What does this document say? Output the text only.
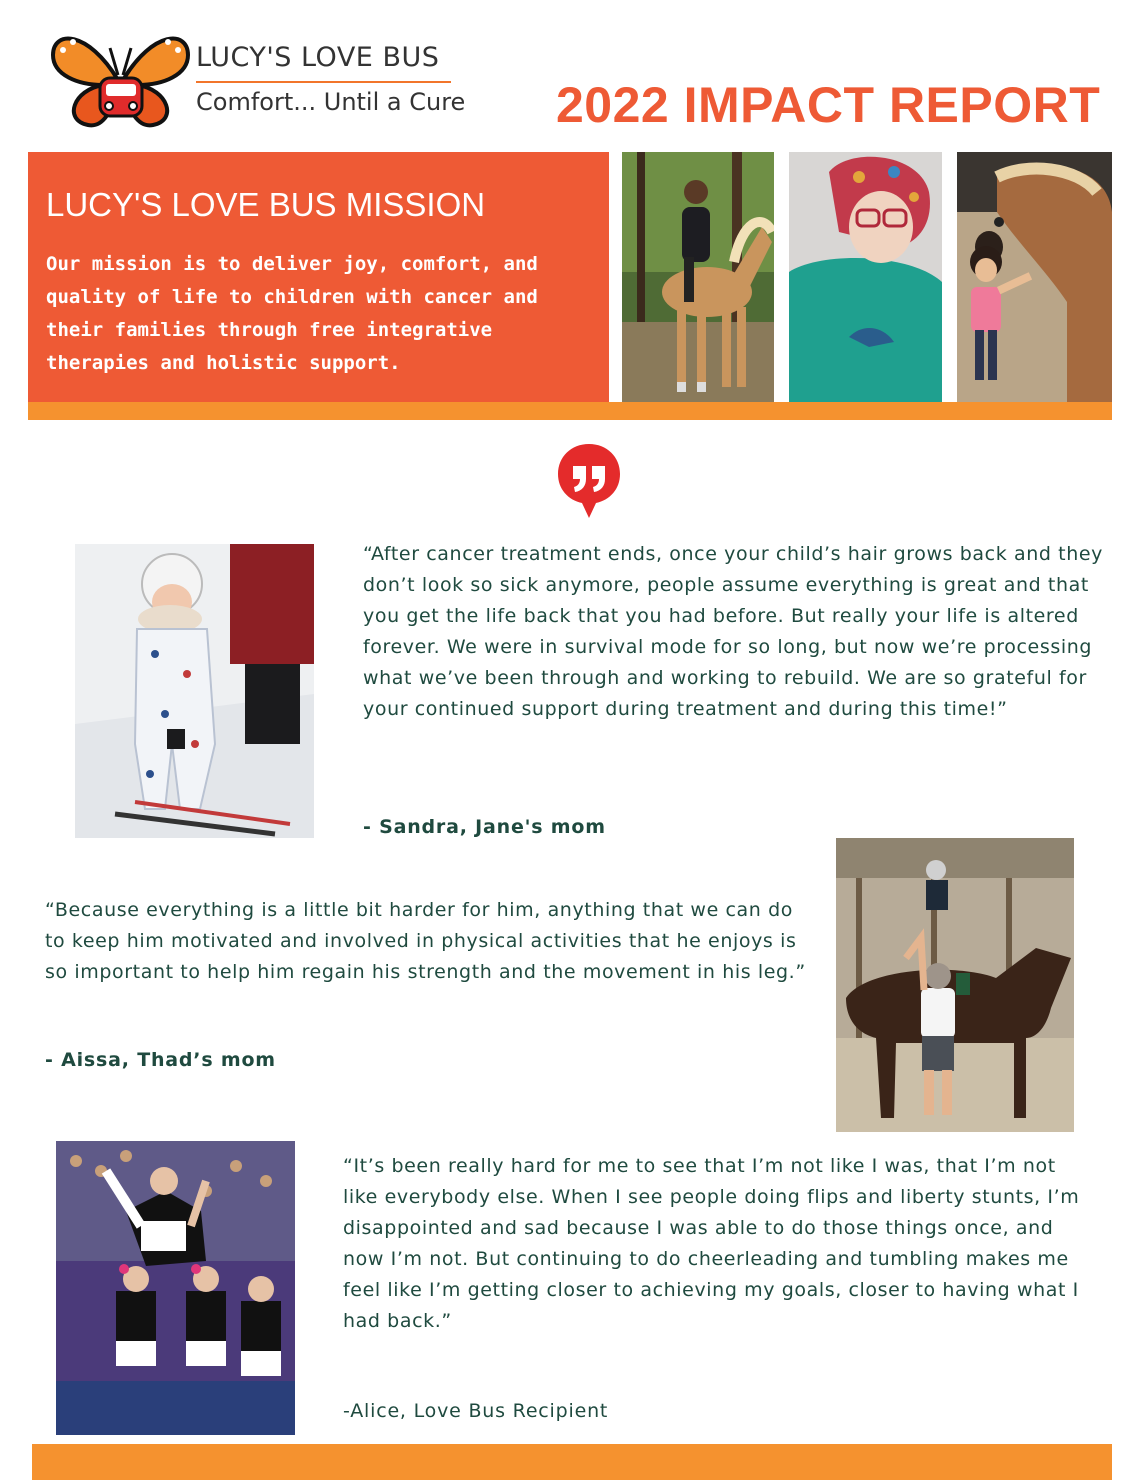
LUCY'S LOVE BUS
Comfort... Until a Cure 2022 IMPACT REPORT
LUCY'S LOVE BUS MISSION
Our mission is to deliver joy, comfort, and quality of life to children with cancer and their families through free integrative therapies and holistic support.
“After cancer treatment ends, once your child’s hair grows back and they don’t look so sick anymore, people assume everything is great and that you get the life back that you had before. But really your life is altered forever. We were in survival mode for so long, but now we’re processing what we’ve been through and working to rebuild. We are so grateful for your continued support during treatment and during this time!”
- Sandra, Jane's mom
“Because everything is a little bit harder for him, anything that we can do to keep him motivated and involved in physical activities that he enjoys is so important to help him regain his strength and the movement in his leg.”
- Aissa, Thad’s mom
“It’s been really hard for me to see that I’m not like I was, that I’m not like everybody else. When I see people doing flips and liberty stunts, I’m disappointed and sad because I was able to do those things once, and now I’m not. But continuing to do cheerleading and tumbling makes me feel like I’m getting closer to achieving my goals, closer to having what I had back.”
-Alice, Love Bus Recipient
